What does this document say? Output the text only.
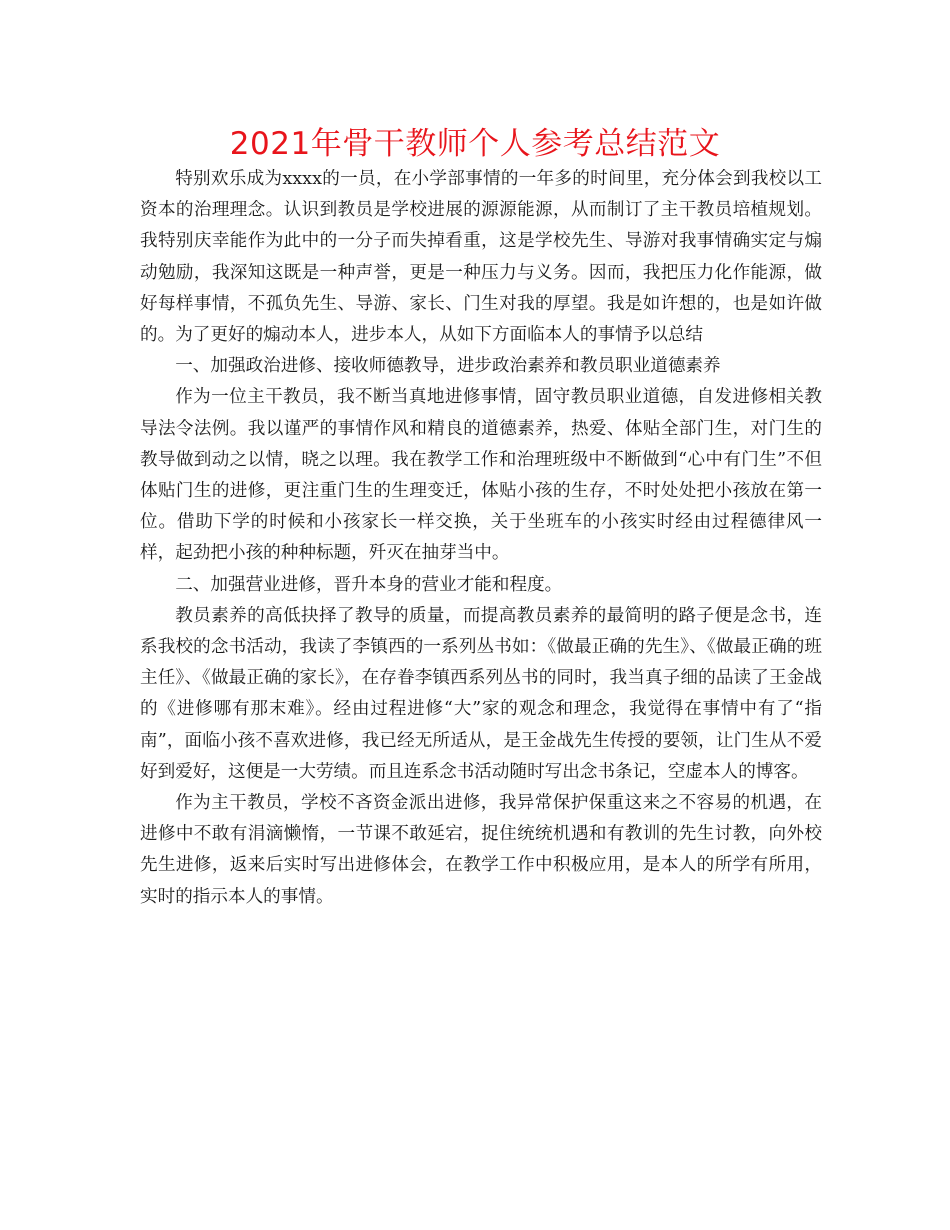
2021年骨干教师个人参考总结范文

特别欢乐成为xxxx的一员，在小学部事情的一年多的时间里，充分体会到我校以工资本的治理理念。认识到教员是学校进展的源源能源，从而制订了主干教员培植规划。我特别庆幸能作为此中的一分子而失掉看重，这是学校先生、导游对我事情确实定与煽动勉励，我深知这既是一种声誉，更是一种压力与义务。因而，我把压力化作能源，做好每样事情，不孤负先生、导游、家长、门生对我的厚望。我是如许想的，也是如许做的。为了更好的煽动本人，进步本人，从如下方面临本人的事情予以总结

一、加强政治进修、接收师德教导，进步政治素养和教员职业道德素养

作为一位主干教员，我不断当真地进修事情，固守教员职业道德，自发进修相关教导法令法例。我以谨严的事情作风和精良的道德素养，热爱、体贴全部门生，对门生的教导做到动之以情，晓之以理。我在教学工作和治理班级中不断做到“心中有门生”不但体贴门生的进修，更注重门生的生理变迁，体贴小孩的生存，不时处处把小孩放在第一位。借助下学的时候和小孩家长一样交换，关于坐班车的小孩实时经由过程德律风一样，起劲把小孩的种种标题，歼灭在抽芽当中。

二、加强营业进修，晋升本身的营业才能和程度。

教员素养的高低抉择了教导的质量，而提高教员素养的最简明的路子便是念书，连系我校的念书活动，我读了李镇西的一系列丛书如：《做最正确的先生》、《做最正确的班主任》、《做最正确的家长》，在存眷李镇西系列丛书的同时，我当真子细的品读了王金战的《进修哪有那末难》。经由过程进修“大”家的观念和理念，我觉得在事情中有了“指南”，面临小孩不喜欢进修，我已经无所适从，是王金战先生传授的要领，让门生从不爱好到爱好，这便是一大劳绩。而且连系念书活动随时写出念书条记，空虚本人的博客。

作为主干教员，学校不吝资金派出进修，我异常保护保重这来之不容易的机遇，在进修中不敢有涓滴懒惰，一节课不敢延宕，捉住统统机遇和有教训的先生讨教，向外校先生进修，返来后实时写出进修体会，在教学工作中积极应用，是本人的所学有所用，实时的指示本人的事情。
